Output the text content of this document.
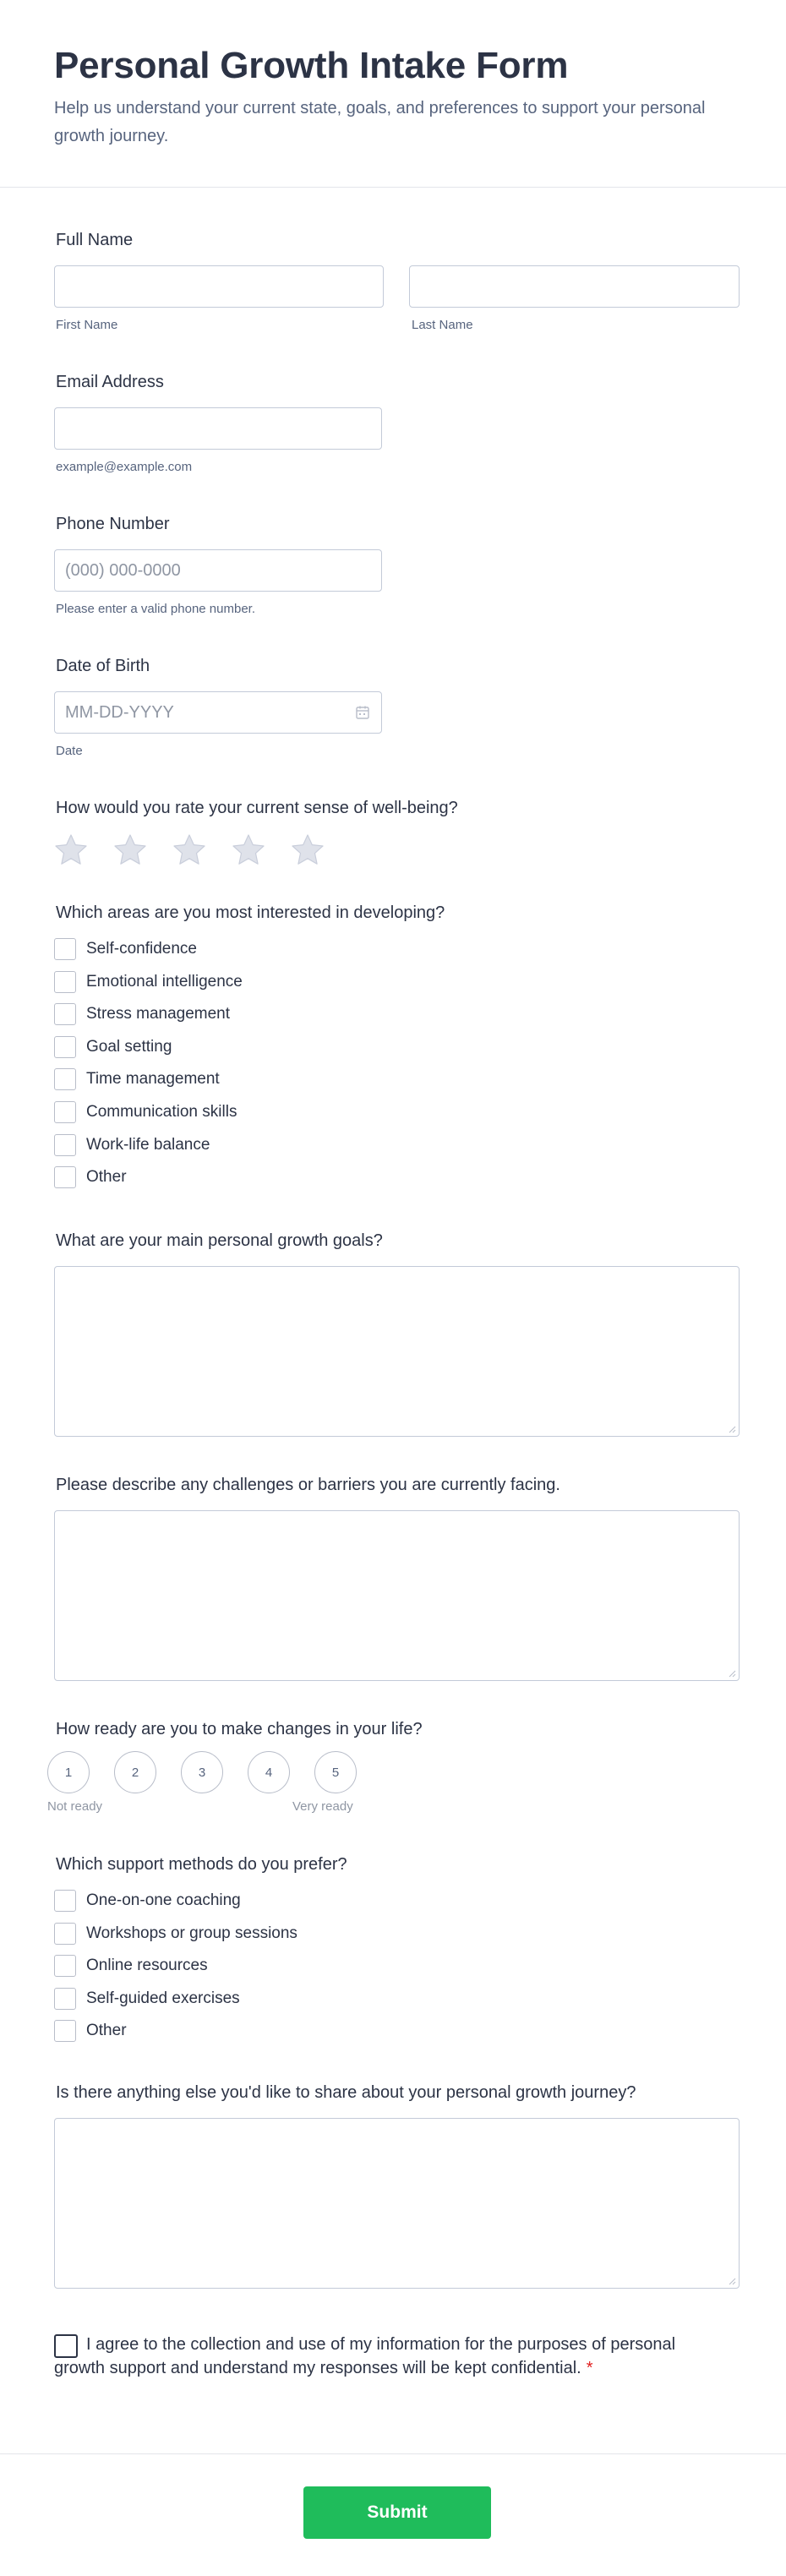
Personal Growth Intake Form

Help us understand your current state, goals, and preferences to support your personal growth journey.

Full Name
First Name	Last Name
Email Address
example@example.com
Phone Number
(000) 000-0000
Please enter a valid phone number.
Date of Birth
MM-DD-YYYY
Date
How would you rate your current sense of well-being?
Which areas are you most interested in developing?
Self-confidence
Emotional intelligence
Stress management
Goal setting
Time management
Communication skills
Work-life balance
Other
What are your main personal growth goals?
Please describe any challenges or barriers you are currently facing.
How ready are you to make changes in your life?
1	2	3	4	5
Not ready	Very ready
Which support methods do you prefer?
One-on-one coaching
Workshops or group sessions
Online resources
Self-guided exercises
Other
Is there anything else you'd like to share about your personal growth journey?
I agree to the collection and use of my information for the purposes of personal growth support and understand my responses will be kept confidential. *
Submit
